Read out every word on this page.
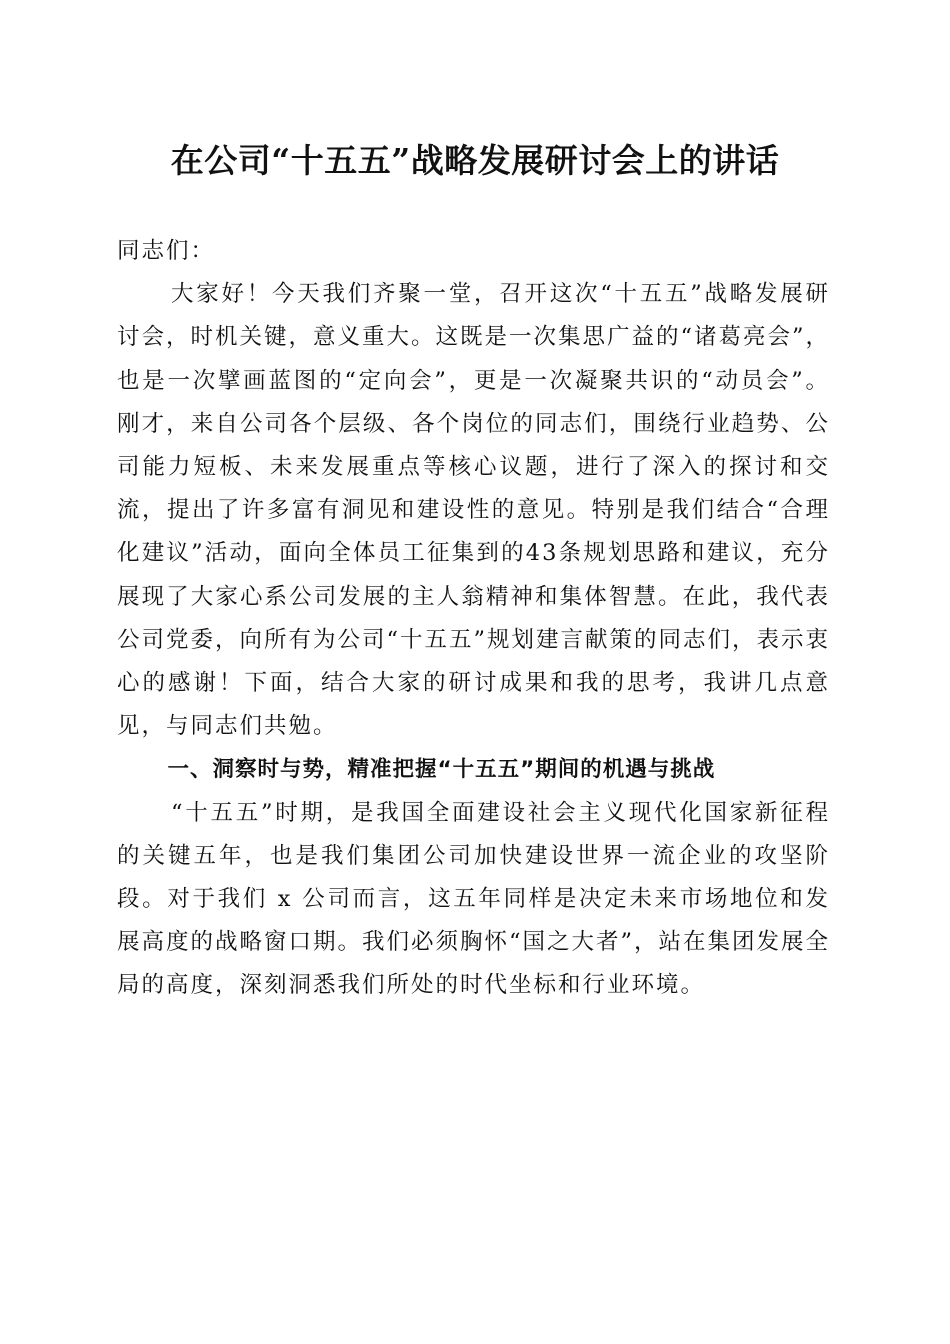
在公司“十五五”战略发展研讨会上的讲话

同志们：

大家好！今天我们齐聚一堂，召开这次“十五五”战略发展研讨会，时机关键，意义重大。这既是一次集思广益的“诸葛亮会”，也是一次擘画蓝图的“定向会”，更是一次凝聚共识的“动员会”。刚才，来自公司各个层级、各个岗位的同志们，围绕行业趋势、公司能力短板、未来发展重点等核心议题，进行了深入的探讨和交流，提出了许多富有洞见和建设性的意见。特别是我们结合“合理化建议”活动，面向全体员工征集到的43条规划思路和建议，充分展现了大家心系公司发展的主人翁精神和集体智慧。在此，我代表公司党委，向所有为公司“十五五”规划建言献策的同志们，表示衷心的感谢！下面，结合大家的研讨成果和我的思考，我讲几点意见，与同志们共勉。

一、洞察时与势，精准把握“十五五”期间的机遇与挑战

“十五五”时期，是我国全面建设社会主义现代化国家新征程的关键五年，也是我们集团公司加快建设世界一流企业的攻坚阶段。对于我们 x 公司而言，这五年同样是决定未来市场地位和发展高度的战略窗口期。我们必须胸怀“国之大者”，站在集团发展全局的高度，深刻洞悉我们所处的时代坐标和行业环境。
